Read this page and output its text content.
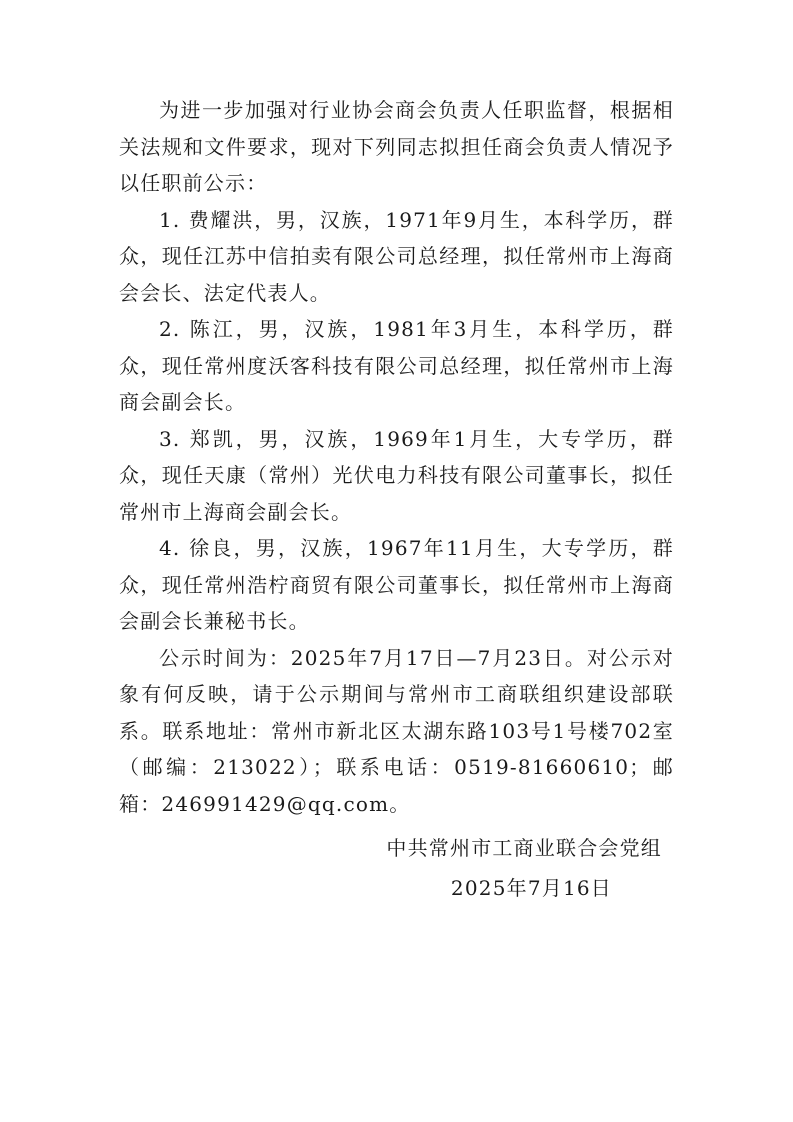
为进一步加强对行业协会商会负责人任职监督，根据相关法规和文件要求，现对下列同志拟担任商会负责人情况予以任职前公示：

1. 费耀洪，男，汉族，1971年9月生，本科学历，群众，现任江苏中信拍卖有限公司总经理，拟任常州市上海商会会长、法定代表人。

2. 陈江，男，汉族，1981年3月生，本科学历，群众，现任常州度沃客科技有限公司总经理，拟任常州市上海商会副会长。

3. 郑凯，男，汉族，1969年1月生，大专学历，群众，现任天康（常州）光伏电力科技有限公司董事长，拟任常州市上海商会副会长。

4. 徐良，男，汉族，1967年11月生，大专学历，群众，现任常州浩柠商贸有限公司董事长，拟任常州市上海商会副会长兼秘书长。

公示时间为：2025年7月17日—7月23日。对公示对象有何反映，请于公示期间与常州市工商联组织建设部联系。联系地址：常州市新北区太湖东路103号1号楼702室（邮编：213022）；联系电话：0519-81660610；邮箱：246991429@qq.com。

中共常州市工商业联合会党组
2025年7月16日
